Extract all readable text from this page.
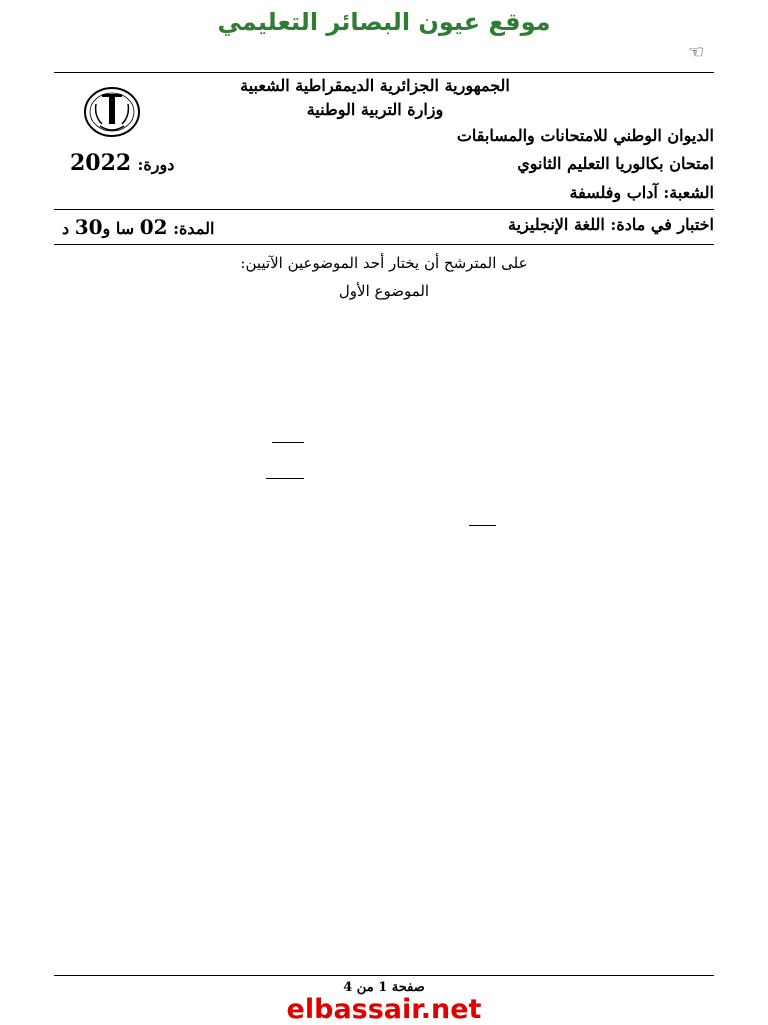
موقع عيون البصائر التعليمي
☜
الجمهورية الجزائرية الديمقراطية الشعبية
وزارة التربية الوطنية
الديوان الوطني للامتحانات والمسابقات
امتحان بكالوريا التعليم الثانوي
الشعبة: آداب وفلسفة
دورة: 2022
اختبار في مادة: اللغة الإنجليزية
المدة: 02 سا و30 د
على المترشح أن يختار أحد الموضوعين الآتيين:
الموضوع الأول
صفحة 1 من 4
elbassair.net
